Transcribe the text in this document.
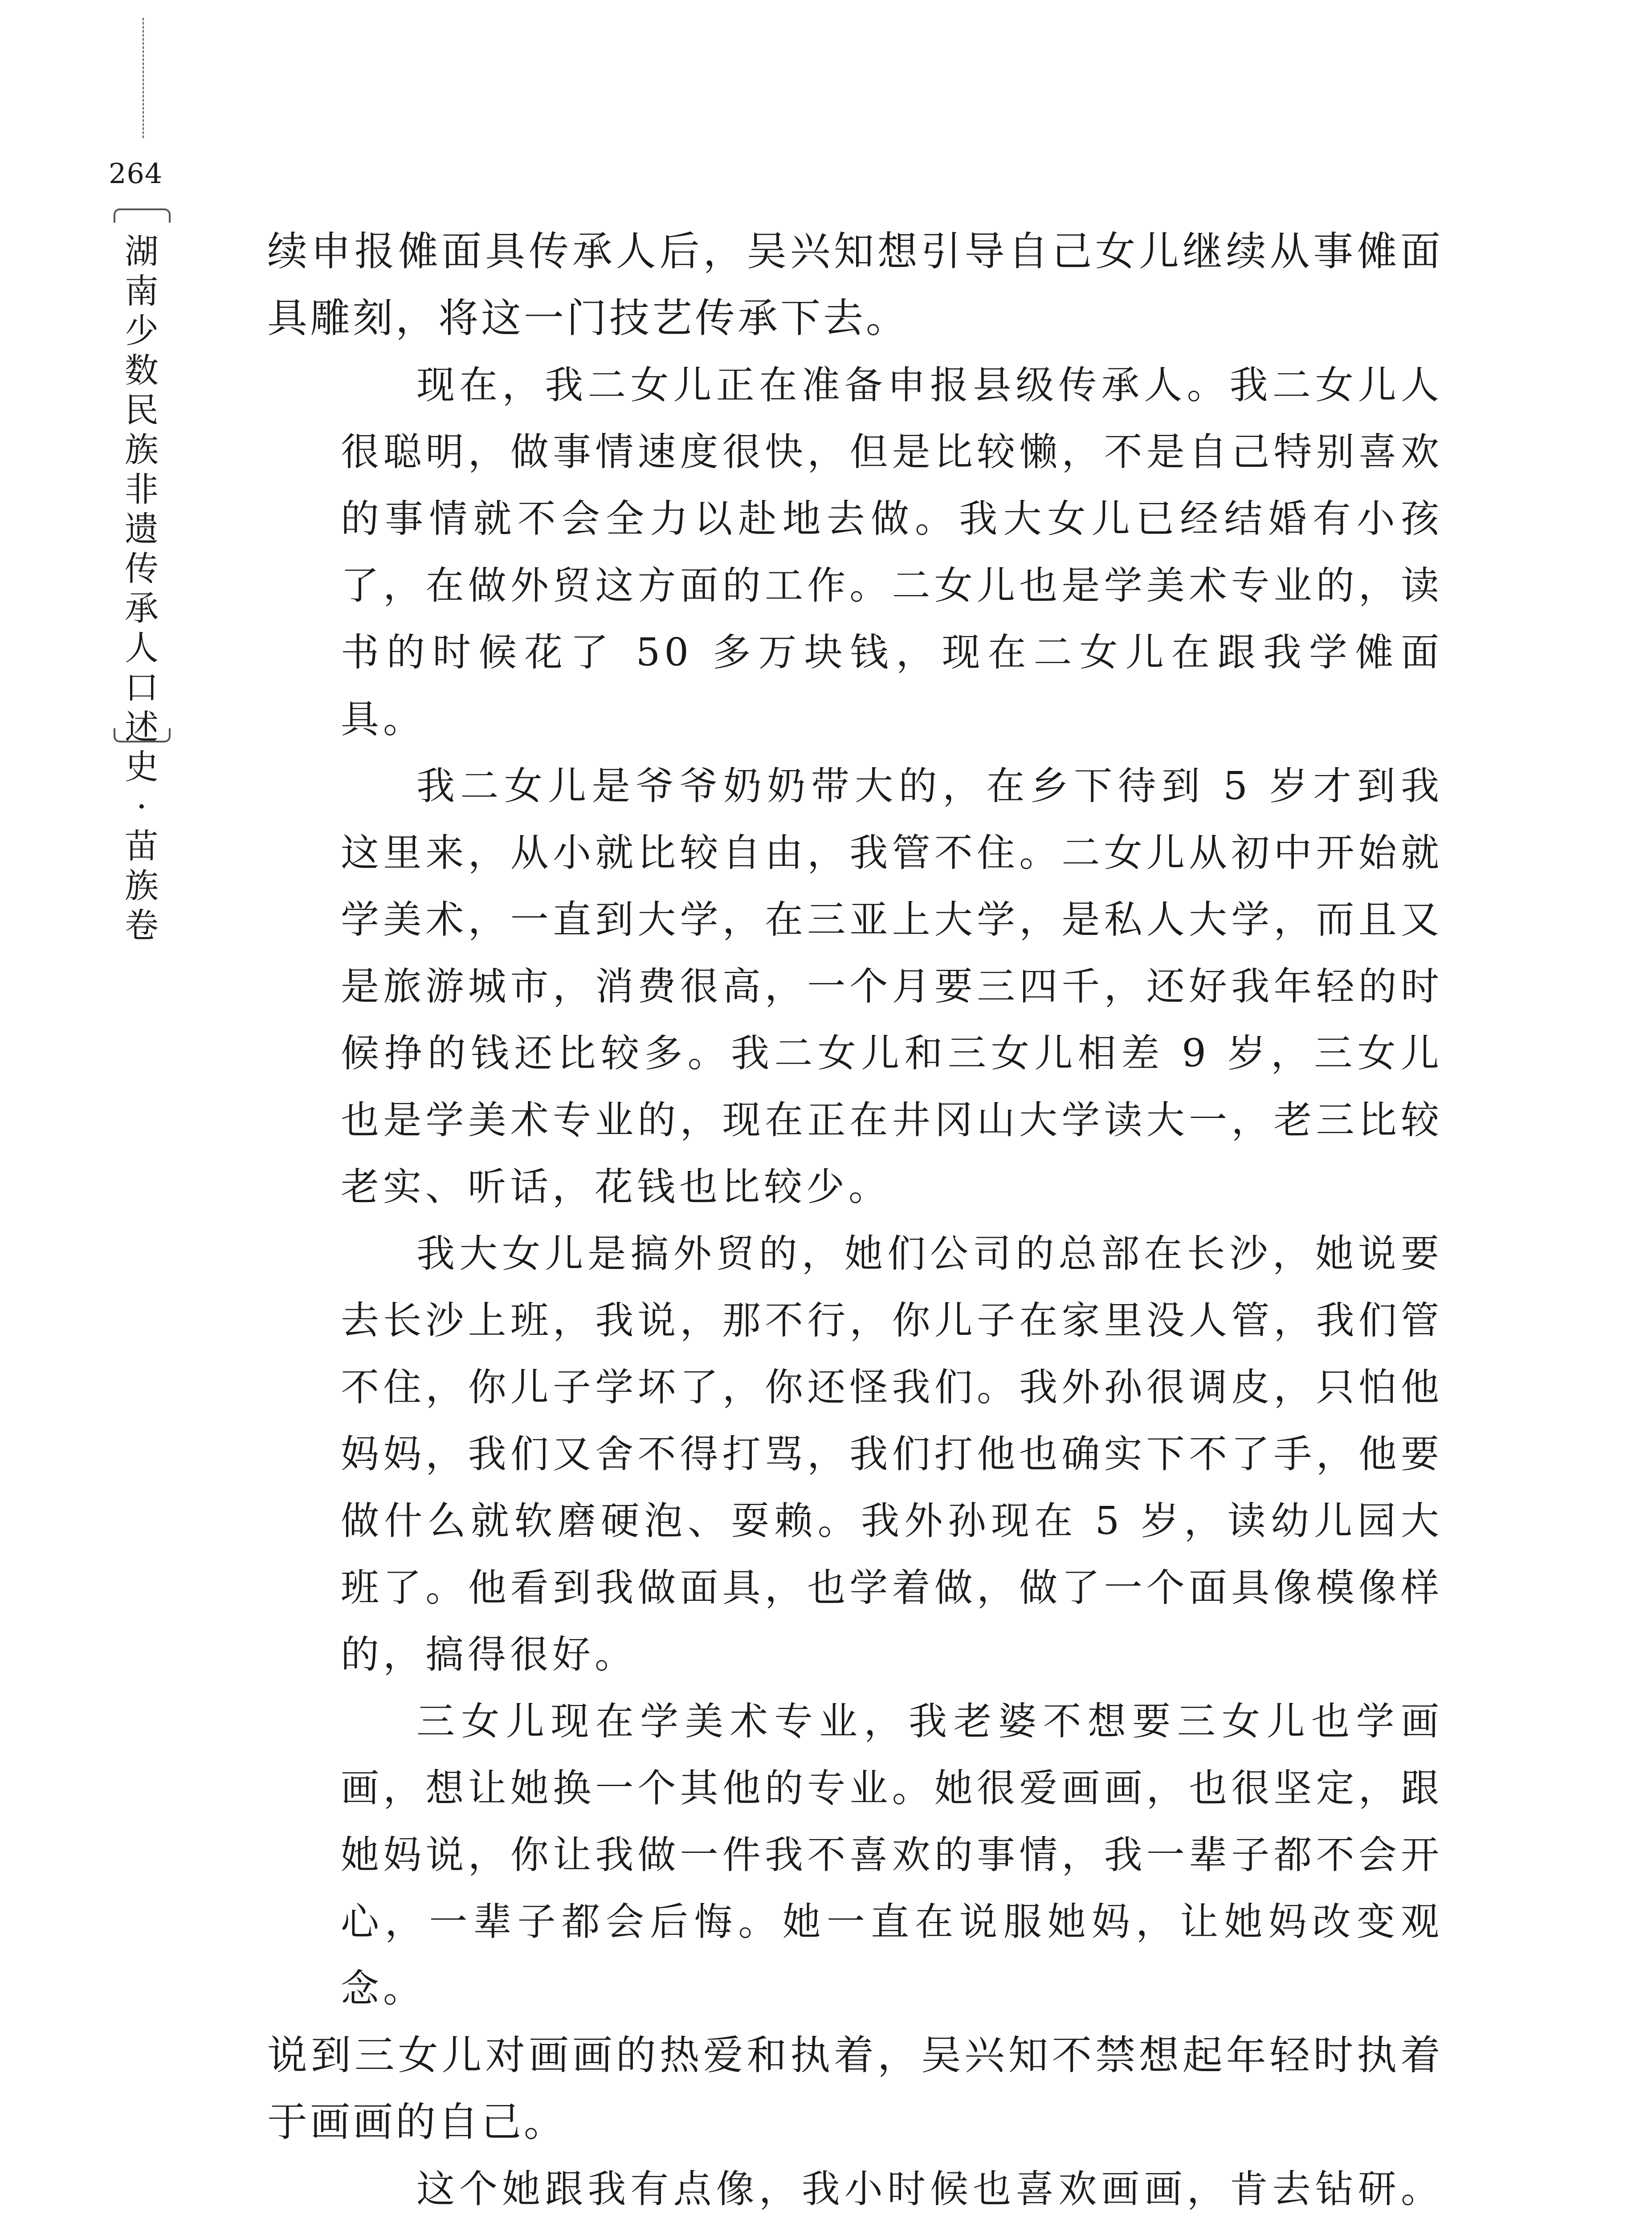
264
湖南少数民族非遗传承人口述史·苗族卷

续申报傩面具传承人后，吴兴知想引导自己女儿继续从事傩面具雕刻，将这一门技艺传承下去。

现在，我二女儿正在准备申报县级传承人。我二女儿人很聪明，做事情速度很快，但是比较懒，不是自己特别喜欢的事情就不会全力以赴地去做。我大女儿已经结婚有小孩了，在做外贸这方面的工作。二女儿也是学美术专业的，读书的时候花了 50 多万块钱，现在二女儿在跟我学傩面具。

我二女儿是爷爷奶奶带大的，在乡下待到 5 岁才到我这里来，从小就比较自由，我管不住。二女儿从初中开始就学美术，一直到大学，在三亚上大学，是私人大学，而且又是旅游城市，消费很高，一个月要三四千，还好我年轻的时候挣的钱还比较多。我二女儿和三女儿相差 9 岁，三女儿也是学美术专业的，现在正在井冈山大学读大一，老三比较老实、听话，花钱也比较少。

我大女儿是搞外贸的，她们公司的总部在长沙，她说要去长沙上班，我说，那不行，你儿子在家里没人管，我们管不住，你儿子学坏了，你还怪我们。我外孙很调皮，只怕他妈妈，我们又舍不得打骂，我们打他也确实下不了手，他要做什么就软磨硬泡、耍赖。我外孙现在 5 岁，读幼儿园大班了。他看到我做面具，也学着做，做了一个面具像模像样的，搞得很好。

三女儿现在学美术专业，我老婆不想要三女儿也学画画，想让她换一个其他的专业。她很爱画画，也很坚定，跟她妈说，你让我做一件我不喜欢的事情，我一辈子都不会开心，一辈子都会后悔。她一直在说服她妈，让她妈改变观念。

说到三女儿对画画的热爱和执着，吴兴知不禁想起年轻时执着于画画的自己。

这个她跟我有点像，我小时候也喜欢画画，肯去钻研。
